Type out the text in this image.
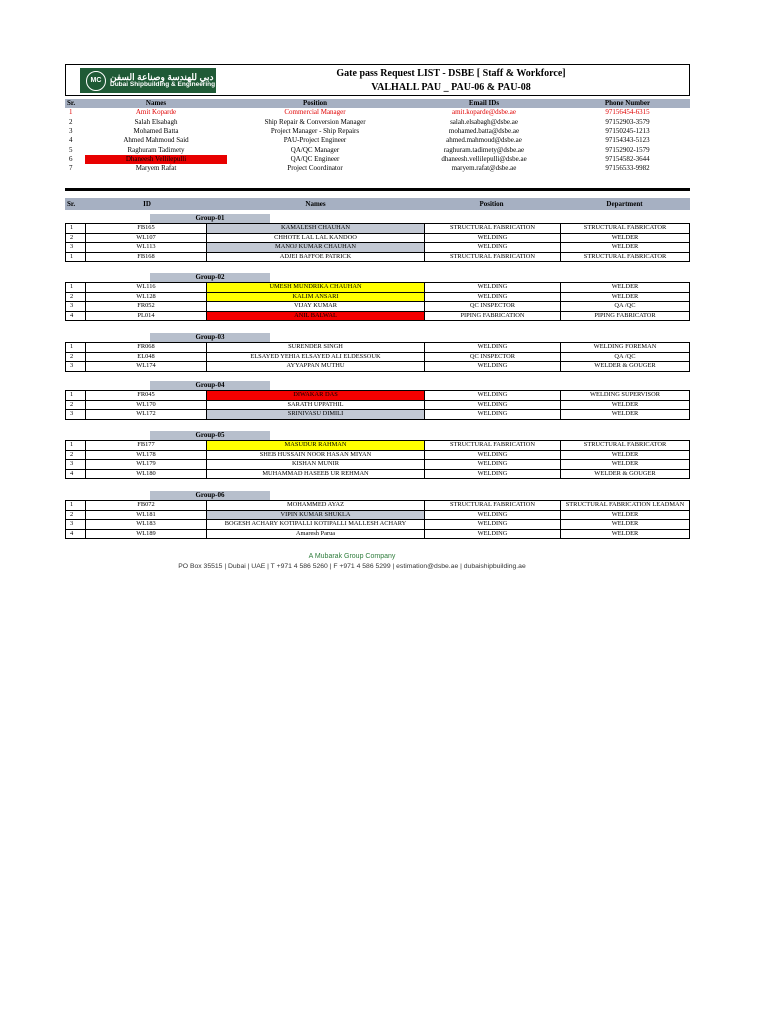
MC دبي للهندسة وصناعة السفن
Dubai Shipbuilding & Engineering
Gate pass Request LIST - DSBE [ Staff & Workforce]
VALHALL PAU _ PAU-06 & PAU-08
Sr.	Names	Position	Email IDs	Phone Number
1	Amit Koparde	Commercial Manager	amit.koparde@dsbe.ae	97156454-6315
2	Salah Elsabagh	Ship Repair & Conversion Manager	salah.elsabagh@dsbe.ae	97152903-3579
3	Mohamed Batta	Project Manager - Ship Repairs	mohamed.batta@dsbe.ae	97150245-1213
4	Ahmed Mahmoud Said	PAU-Project Engineer	ahmed.mahmoud@dsbe.ae	97154343-5123
5	Raghuram Tadimety	QA/QC Manager	raghuram.tadimety@dsbe.ae	97152902-1579
6	Dhaneesh Vellilepulli	QA/QC Engineer	dhaneesh.vellilepulli@dsbe.ae	97154582-3644
7	Maryem Rafat	Project Coordinator	maryem.rafat@dsbe.ae	97156533-9982
Sr.	ID	Names	Position	Department
Group-01
1	FB165	KAMALESH CHAUHAN	STRUCTURAL FABRICATION	STRUCTURAL FABRICATOR
2	WL107	CHHOTE LAL LAL KANDOO	WELDING	WELDER
3	WL113	MANOJ KUMAR CHAUHAN	WELDING	WELDER
1	FB168	ADJEI BAFFOE PATRICK	STRUCTURAL FABRICATION	STRUCTURAL FABRICATOR
Group-02
1	WL116	UMESH MUNDRIKA CHAUHAN	WELDING	WELDER
2	WL128	KALIM ANSARI	WELDING	WELDER
3	FR052	VIJAY KUMAR	QC INSPECTOR	QA /QC
4	PL014	ANIL BALWAL	PIPING FABRICATION	PIPING FABRICATOR
Group-03
1	FR068	SURENDER SINGH	WELDING	WELDING FOREMAN
2	EL048	ELSAYED YEHIA ELSAYED ALI ELDESSOUK	QC INSPECTOR	QA /QC
3	WL174	AYYAPPAN MUTHU	WELDING	WELDER & GOUGER
Group-04
1	FR045	DIWAKAR DAS	WELDING	WELDING SUPERVISOR
2	WL170	SARATH UPPATHIL	WELDING	WELDER
3	WL172	SRINIVASU DIMILI	WELDING	WELDER
Group-05
1	FB177	MASUDUR RAHMAN	STRUCTURAL FABRICATION	STRUCTURAL FABRICATOR
2	WL178	SHEB HUSSAIN NOOR HASAN MIYAN	WELDING	WELDER
3	WL179	KISHAN MUNIR	WELDING	WELDER
4	WL180	MUHAMMAD HASEEB UR REHMAN	WELDING	WELDER & GOUGER
Group-06
1	FB072	MOHAMMED AYAZ	STRUCTURAL FABRICATION	STRUCTURAL FABRICATION LEADMAN
2	WL181	VIPIN KUMAR SHUKLA	WELDING	WELDER
3	WL183	BOGESH ACHARY KOTIPALLI KOTIPALLI MALLESH ACHARY	WELDING	WELDER
4	WL189	Amaresh Parua	WELDING	WELDER
A Mubarak Group Company
PO Box 35515 | Dubai | UAE | T +971 4 586 5260 | F +971 4 586 5299 | estimation@dsbe.ae | dubaishipbuilding.ae
